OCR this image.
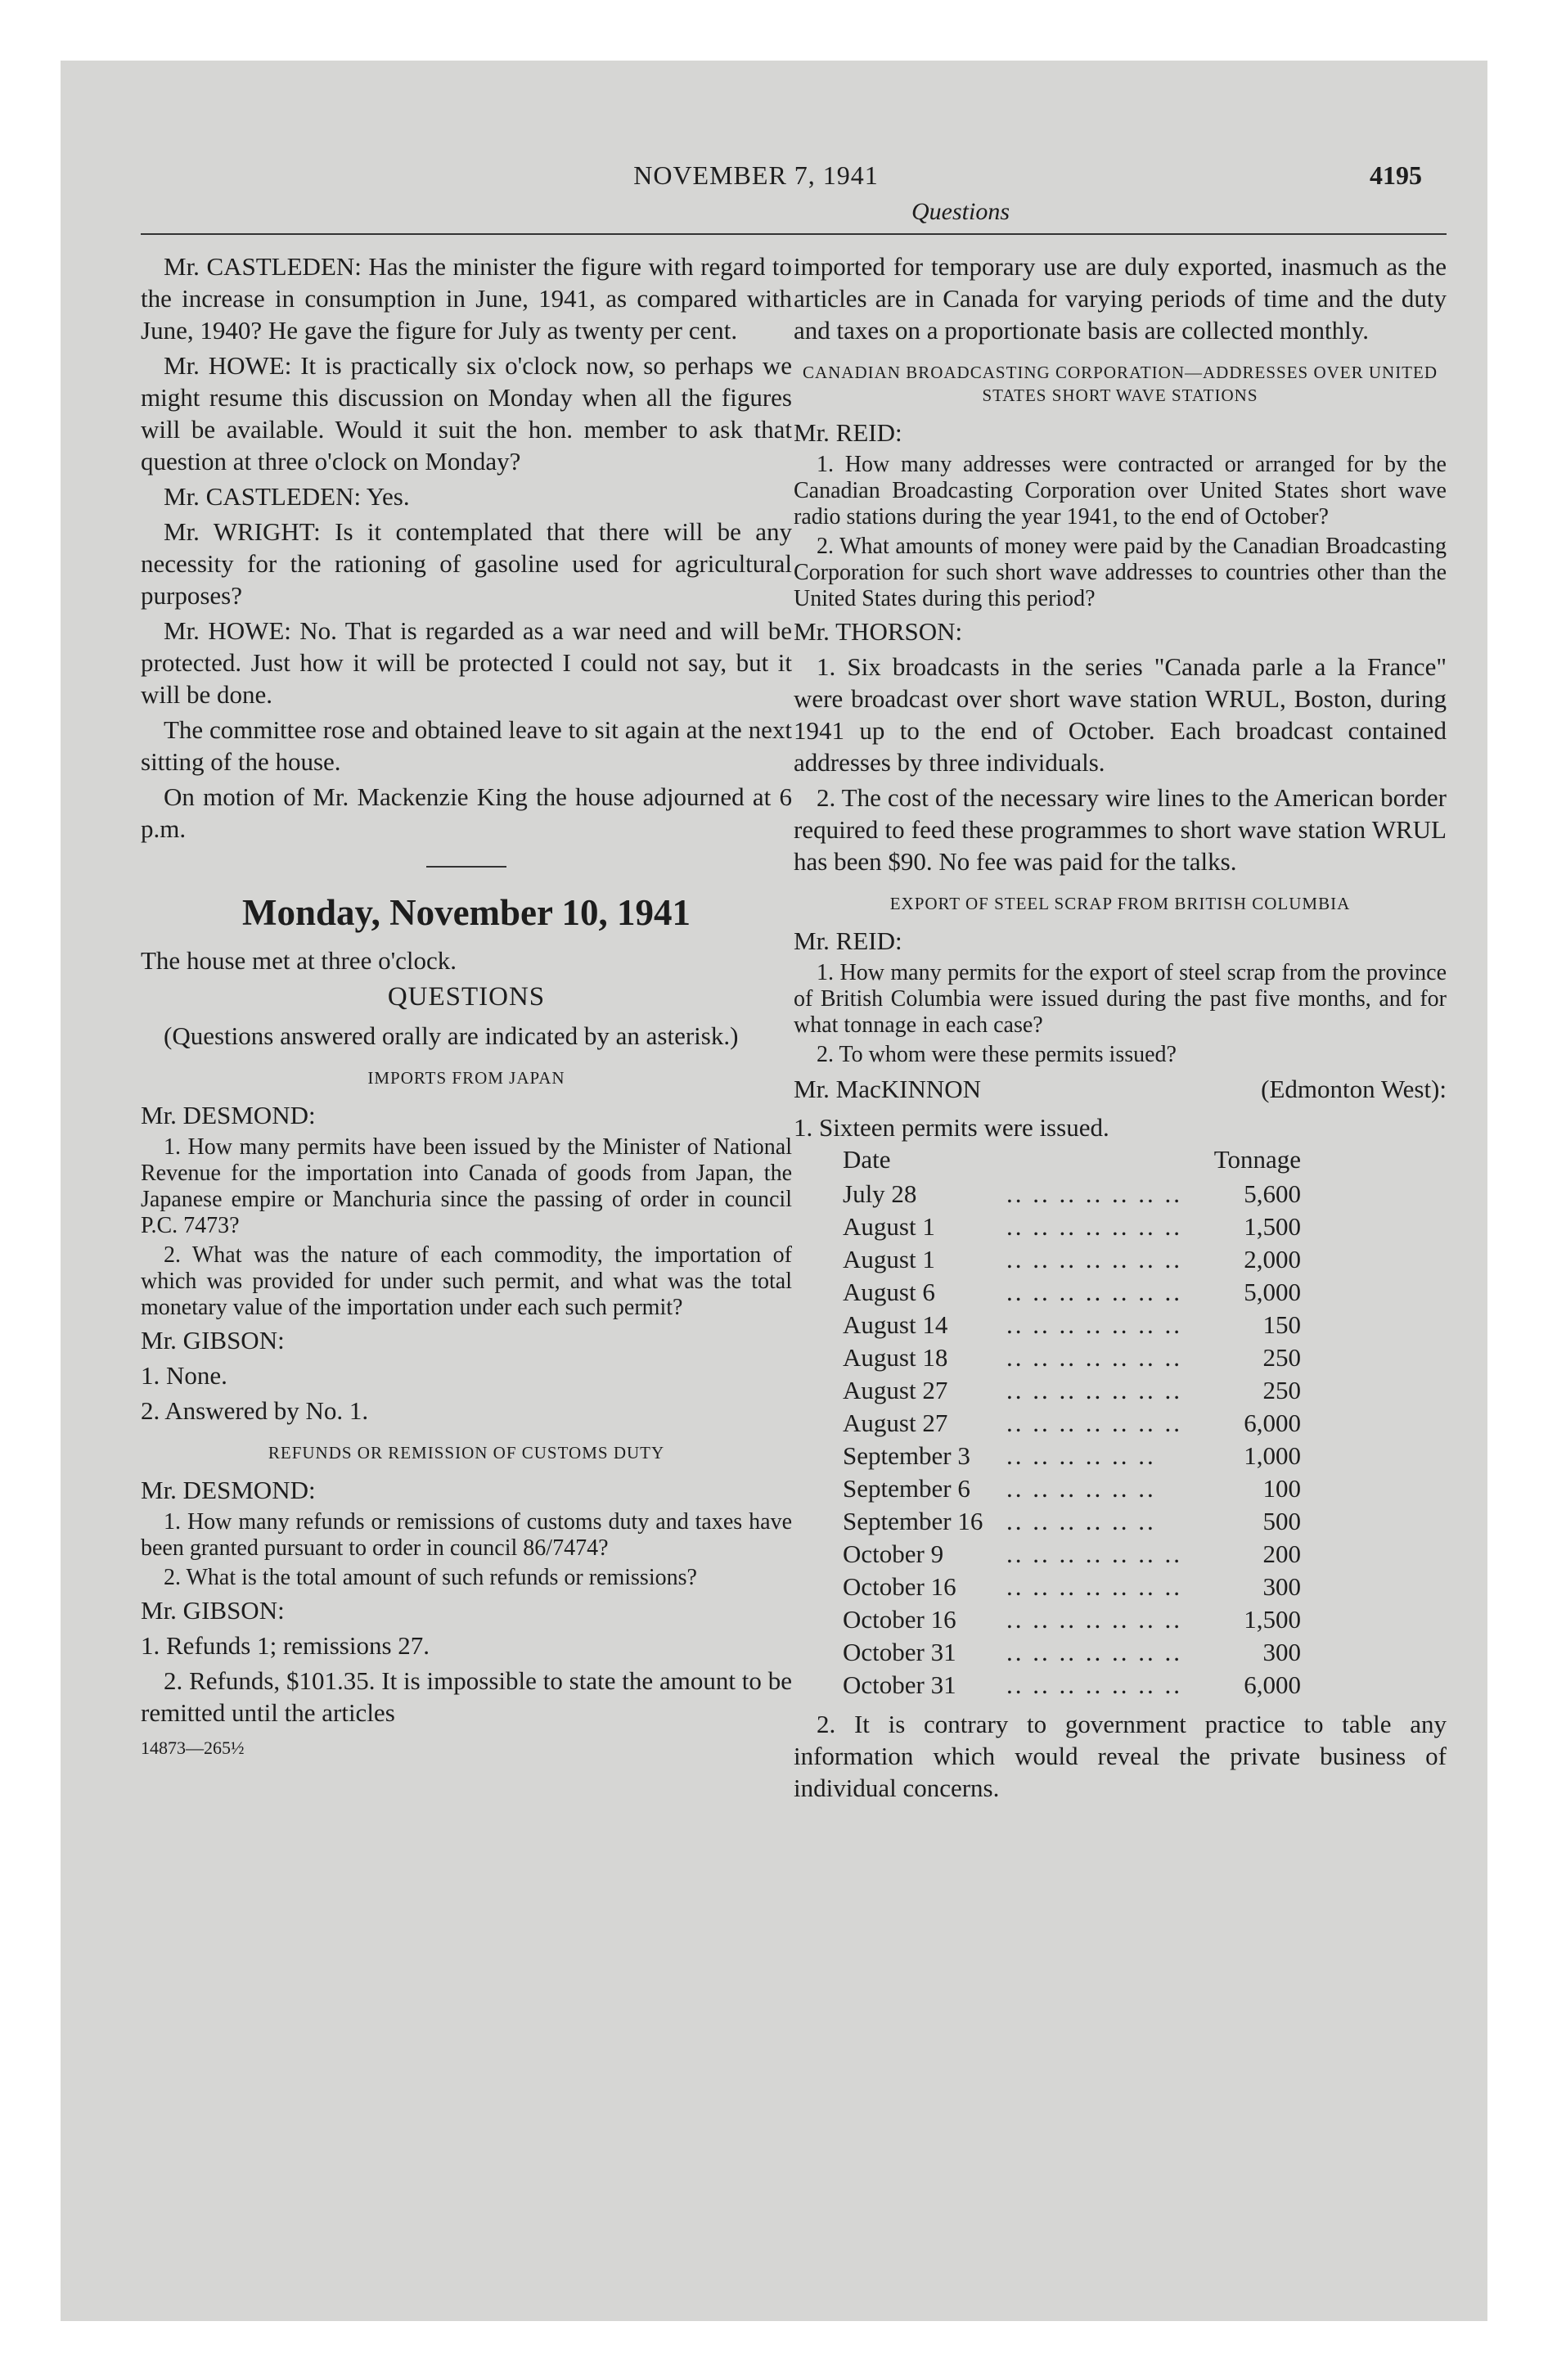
NOVEMBER 7, 1941	4195
Questions

Mr. CASTLEDEN: Has the minister the figure with regard to the increase in consumption in June, 1941, as compared with June, 1940? He gave the figure for July as twenty per cent.

Mr. HOWE: It is practically six o'clock now, so perhaps we might resume this discussion on Monday when all the figures will be available. Would it suit the hon. member to ask that question at three o'clock on Monday?

Mr. CASTLEDEN: Yes.

Mr. WRIGHT: Is it contemplated that there will be any necessity for the rationing of gasoline used for agricultural purposes?

Mr. HOWE: No. That is regarded as a war need and will be protected. Just how it will be protected I could not say, but it will be done.

The committee rose and obtained leave to sit again at the next sitting of the house.

On motion of Mr. Mackenzie King the house adjourned at 6 p.m.

Monday, November 10, 1941

The house met at three o'clock.

QUESTIONS

(Questions answered orally are indicated by an asterisk.)

IMPORTS FROM JAPAN

Mr. DESMOND:

1. How many permits have been issued by the Minister of National Revenue for the importation into Canada of goods from Japan, the Japanese empire or Manchuria since the passing of order in council P.C. 7473?

2. What was the nature of each commodity, the importation of which was provided for under such permit, and what was the total monetary value of the importation under each such permit?

Mr. GIBSON:

1. None.

2. Answered by No. 1.

REFUNDS OR REMISSION OF CUSTOMS DUTY

Mr. DESMOND:

1. How many refunds or remissions of customs duty and taxes have been granted pursuant to order in council 86/7474?

2. What is the total amount of such refunds or remissions?

Mr. GIBSON:

1. Refunds 1; remissions 27.

2. Refunds, $101.35. It is impossible to state the amount to be remitted until the articles

14873—265½

imported for temporary use are duly exported, inasmuch as the articles are in Canada for varying periods of time and the duty and taxes on a proportionate basis are collected monthly.

CANADIAN BROADCASTING CORPORATION—ADDRESSES OVER UNITED STATES SHORT WAVE STATIONS

Mr. REID:

1. How many addresses were contracted or arranged for by the Canadian Broadcasting Corporation over United States short wave radio stations during the year 1941, to the end of October?

2. What amounts of money were paid by the Canadian Broadcasting Corporation for such short wave addresses to countries other than the United States during this period?

Mr. THORSON:

1. Six broadcasts in the series "Canada parle a la France" were broadcast over short wave station WRUL, Boston, during 1941 up to the end of October. Each broadcast contained addresses by three individuals.

2. The cost of the necessary wire lines to the American border required to feed these programmes to short wave station WRUL has been $90. No fee was paid for the talks.

EXPORT OF STEEL SCRAP FROM BRITISH COLUMBIA

Mr. REID:

1. How many permits for the export of steel scrap from the province of British Columbia were issued during the past five months, and for what tonnage in each case?

2. To whom were these permits issued?

Mr. MacKINNON	(Edmonton West):

1. Sixteen permits were issued.

Date		Tonnage
July 28	.. .. .. .. .. .. ..	5,600
August 1	.. .. .. .. .. .. ..	1,500
August 1	.. .. .. .. .. .. ..	2,000
August 6	.. .. .. .. .. .. ..	5,000
August 14	.. .. .. .. .. .. ..	150
August 18	.. .. .. .. .. .. ..	250
August 27	.. .. .. .. .. .. ..	250
August 27	.. .. .. .. .. .. ..	6,000
September 3	.. .. .. .. .. ..	1,000
September 6	.. .. .. .. .. ..	100
September 16	.. .. .. .. .. ..	500
October 9	.. .. .. .. .. .. ..	200
October 16	.. .. .. .. .. .. ..	300
October 16	.. .. .. .. .. .. ..	1,500
October 31	.. .. .. .. .. .. ..	300
October 31	.. .. .. .. .. .. ..	6,000

2. It is contrary to government practice to table any information which would reveal the private business of individual concerns.
